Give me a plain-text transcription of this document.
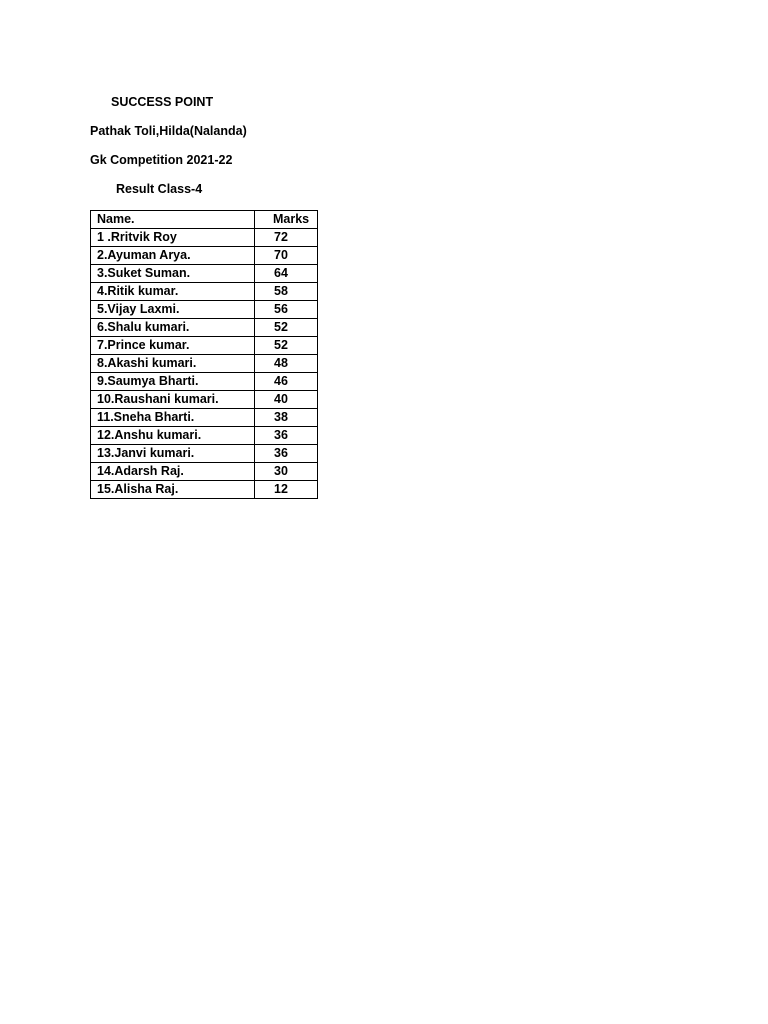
SUCCESS POINT
Pathak Toli,Hilda(Nalanda)
Gk Competition 2021-22
Result Class-4
Name.	Marks
1 .Rritvik Roy	72
2.Ayuman Arya.	70
3.Suket Suman.	64
4.Ritik kumar.	58
5.Vijay Laxmi.	56
6.Shalu kumari.	52
7.Prince kumar.	52
8.Akashi kumari.	48
9.Saumya Bharti.	46
10.Raushani kumari.	40
11.Sneha Bharti.	38
12.Anshu kumari.	36
13.Janvi kumari.	36
14.Adarsh Raj.	30
15.Alisha Raj.	12
